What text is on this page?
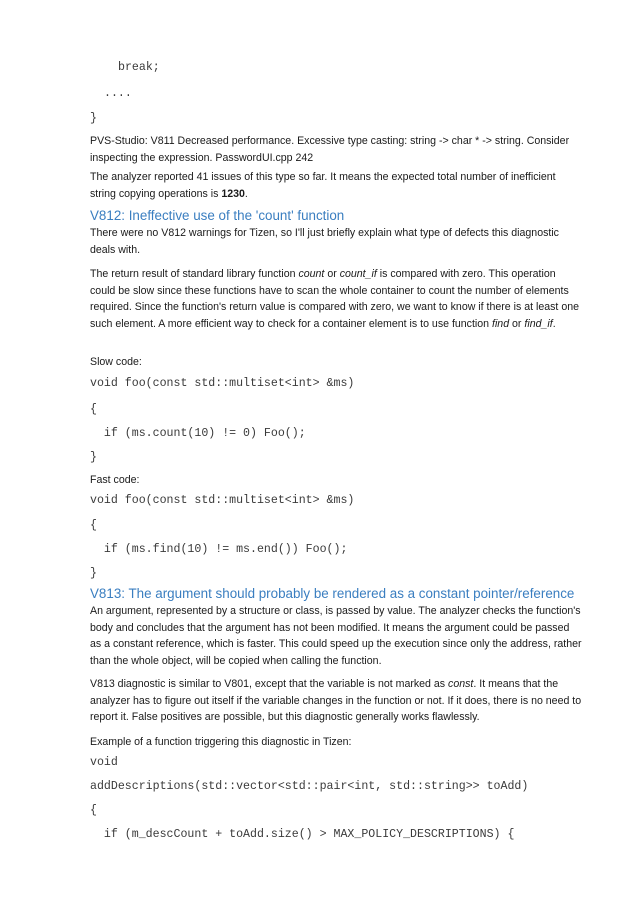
break;
....
}
PVS-Studio: V811 Decreased performance. Excessive type casting: string -> char * -> string. Consider inspecting the expression. PasswordUI.cpp 242
The analyzer reported 41 issues of this type so far. It means the expected total number of inefficient string copying operations is 1230.
V812: Ineffective use of the 'count' function
There were no V812 warnings for Tizen, so I'll just briefly explain what type of defects this diagnostic deals with.
The return result of standard library function count or count_if is compared with zero. This operation could be slow since these functions have to scan the whole container to count the number of elements required. Since the function's return value is compared with zero, we want to know if there is at least one such element. A more efficient way to check for a container element is to use function find or find_if.
Slow code:
void foo(const std::multiset<int> &ms)
{
if (ms.count(10) != 0) Foo();
}
Fast code:
void foo(const std::multiset<int> &ms)
{
if (ms.find(10) != ms.end()) Foo();
}
V813: The argument should probably be rendered as a constant pointer/reference
An argument, represented by a structure or class, is passed by value. The analyzer checks the function's body and concludes that the argument has not been modified. It means the argument could be passed as a constant reference, which is faster. This could speed up the execution since only the address, rather than the whole object, will be copied when calling the function.
V813 diagnostic is similar to V801, except that the variable is not marked as const. It means that the analyzer has to figure out itself if the variable changes in the function or not. If it does, there is no need to report it. False positives are possible, but this diagnostic generally works flawlessly.
Example of a function triggering this diagnostic in Tizen:
void
addDescriptions(std::vector<std::pair<int, std::string>> toAdd)
{
if (m_descCount + toAdd.size() > MAX_POLICY_DESCRIPTIONS) {
